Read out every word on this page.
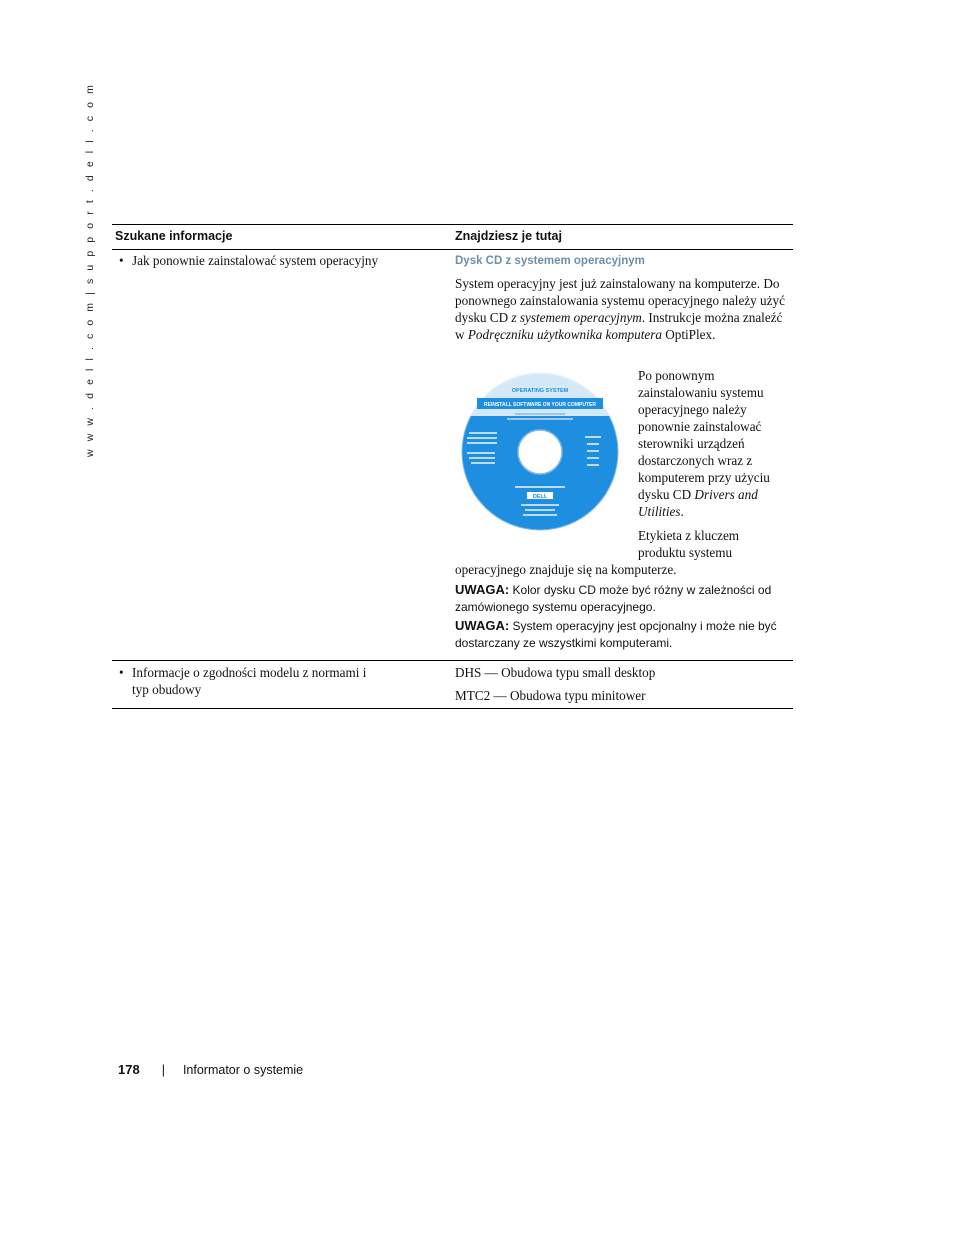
w w w . d e l l . c o m | s u p p o r t . d e l l . c o m Szukane informacje	Znajdziesz je tutaj
• Jak ponownie zainstalować system operacyjny	Dysk CD z systemem operacyjnym

System operacyjny jest już zainstalowany na komputerze. Do ponownego zainstalowania systemu operacyjnego należy użyć dysku CD z systemem operacyjnym. Instrukcje można znaleźć w Podręczniku użytkownika komputera OptiPlex.

OPERATING SYSTEM
REINSTALL SOFTWARE ON YOUR COMPUTER
DELL

Po ponownym zainstalowaniu systemu operacyjnego należy ponownie zainstalować sterowniki urządzeń dostarczonych wraz z komputerem przy użyciu dysku CD Drivers and Utilities.

Etykieta z kluczem produktu systemu

operacyjnego znajduje się na komputerze.

UWAGA: Kolor dysku CD może być różny w zależności od zamówionego systemu operacyjnego.
UWAGA: System operacyjny jest opcjonalny i może nie być dostarczany ze wszystkimi komputerami.
• Informacje o zgodności modelu z normami i typ obudowy

DHS — Obudowa typu small desktop

MTC2 — Obudowa typu minitower

178 | Informator o systemie
